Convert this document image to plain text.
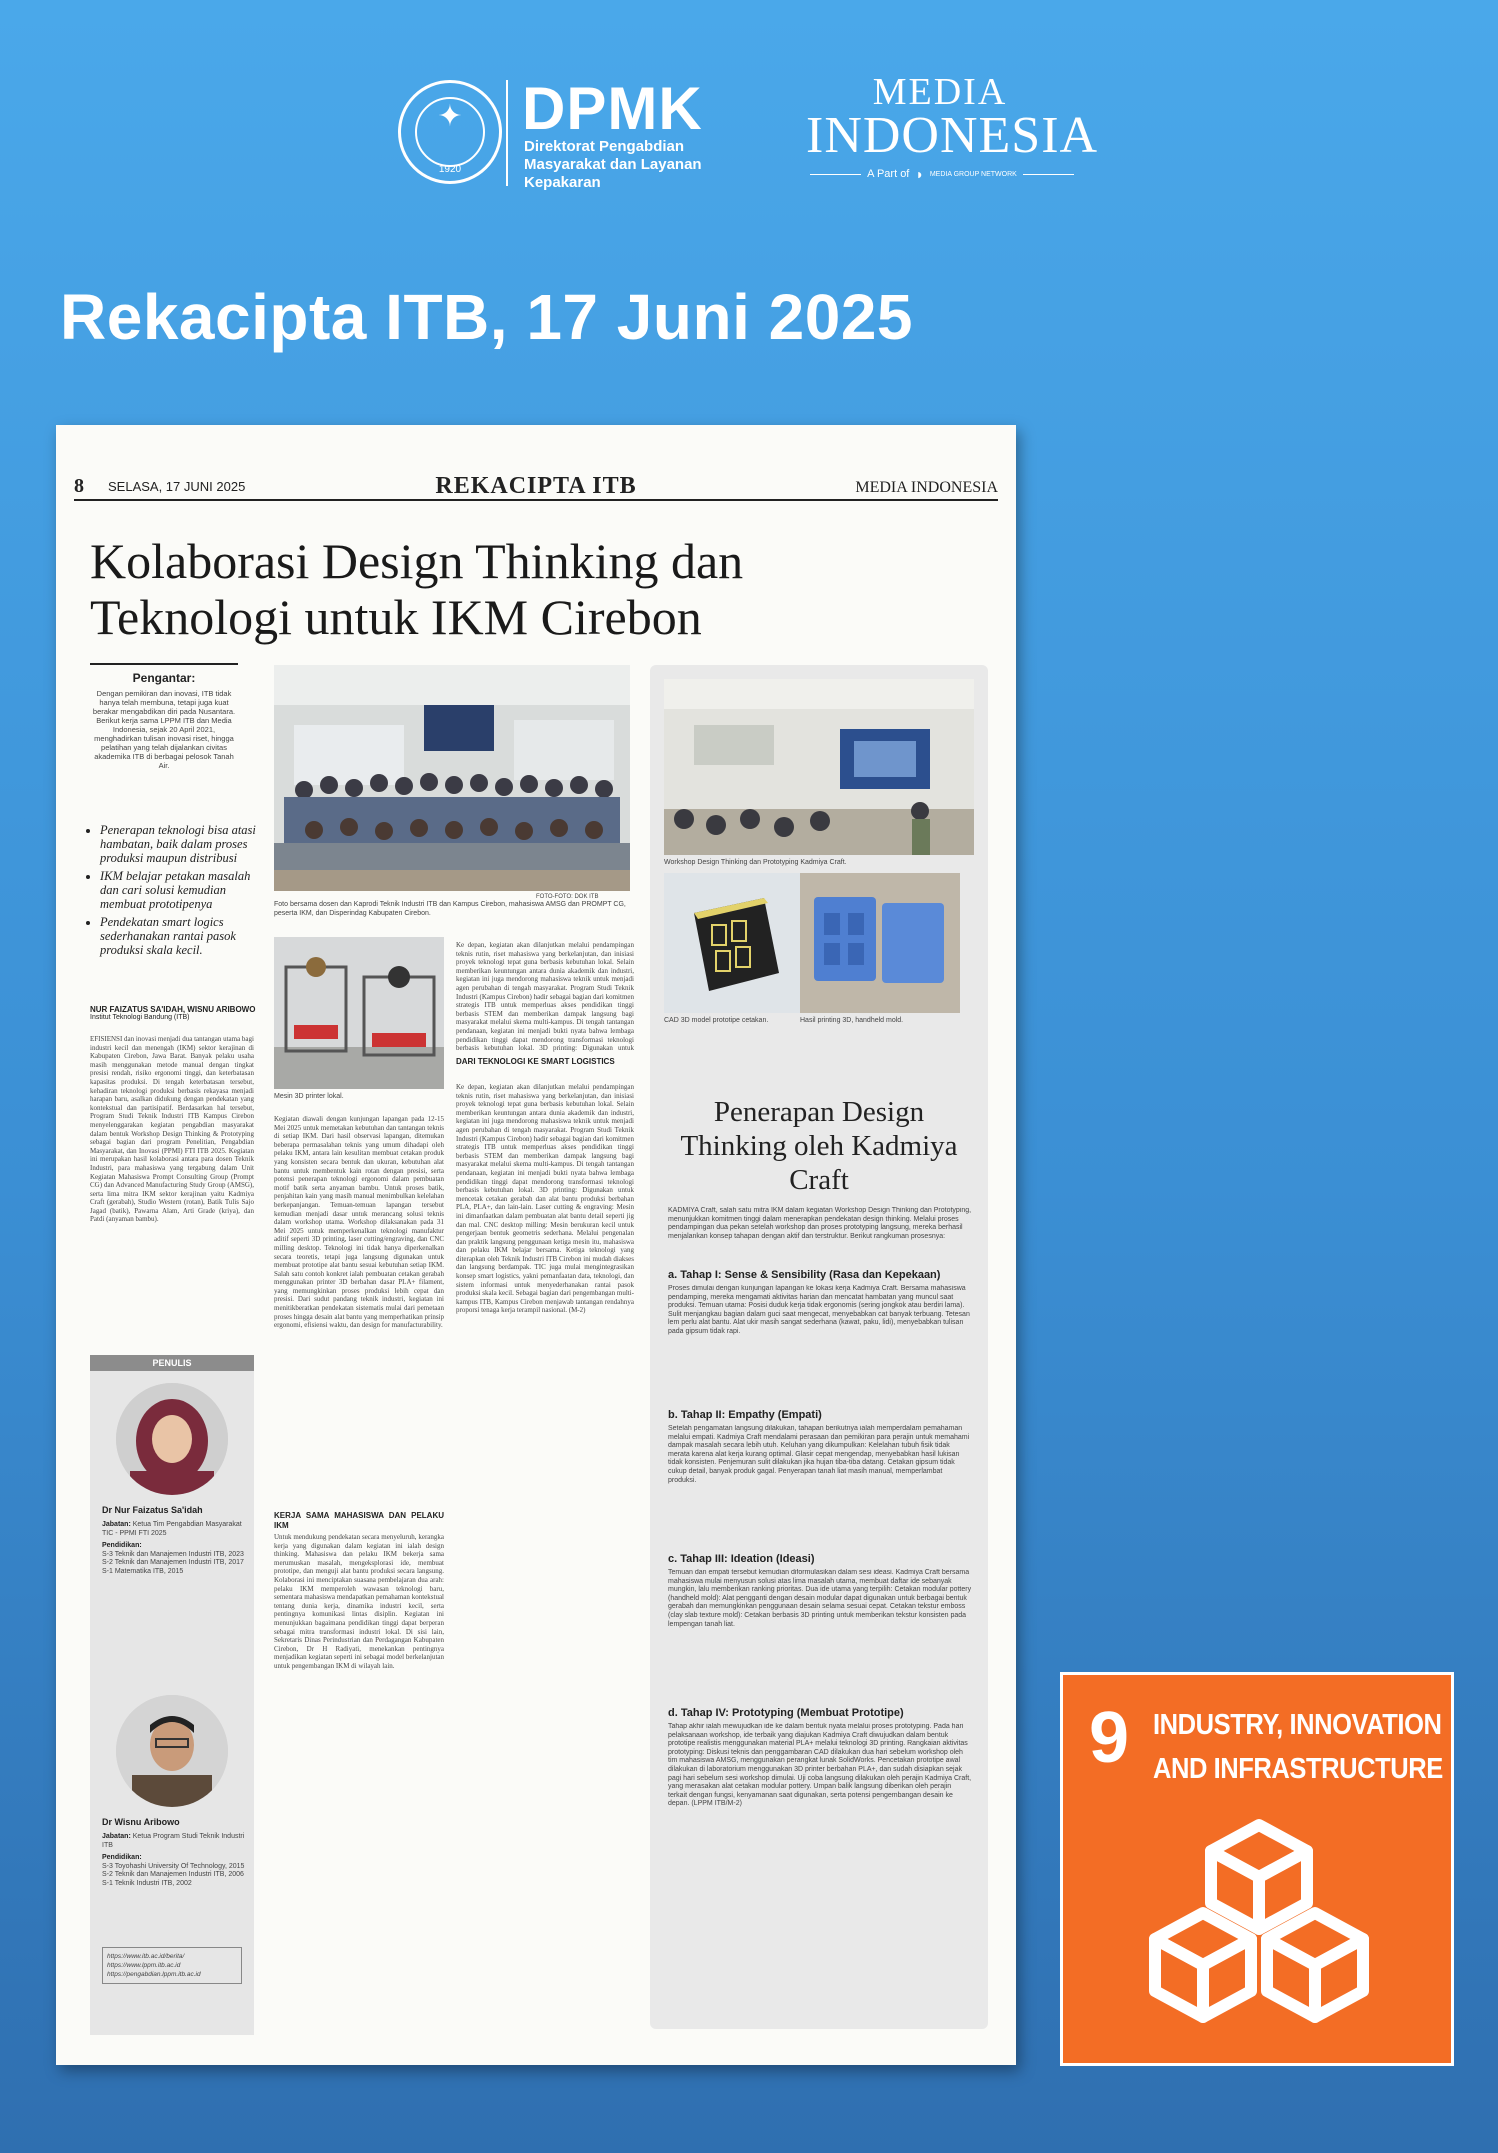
✦
1920
DPMK
Direktorat Pengabdian Masyarakat dan Layanan Kepakaran
MEDIA
INDONESIA
A Part of ◗ MEDIA GROUP NETWORK
Rekacipta ITB, 17 Juni 2025
8 SELASA, 17 JUNI 2025	REKACIPTA ITB	MEDIA INDONESIA
Kolaborasi Design Thinking dan Teknologi untuk IKM Cirebon
Pengantar:

Dengan pemikiran dan inovasi, ITB tidak hanya telah membuna, tetapi juga kuat berakar mengabdikan diri pada Nusantara. Berikut kerja sama LPPM ITB dan Media Indonesia, sejak 20 April 2021, menghadirkan tulisan inovasi riset, hingga pelatihan yang telah dijalankan civitas akademika ITB di berbagai pelosok Tanah Air.

• Penerapan teknologi bisa atasi hambatan, baik dalam proses produksi maupun distribusi
• IKM belajar petakan masalah dan cari solusi kemudian membuat prototipenya
• Pendekatan smart logics sederhanakan rantai pasok produksi skala kecil.
NUR FAIZATUS SA'IDAH, WISNU ARIBOWO
Institut Teknologi Bandung (ITB)
FOTO-FOTO: DOK ITB
Foto bersama dosen dan Kaprodi Teknik Industri ITB dan Kampus Cirebon, mahasiswa AMSG dan PROMPT CG, peserta IKM, dan Disperindag Kabupaten Cirebon.
Mesin 3D printer lokal.
EFISIENSI dan inovasi menjadi dua tantangan utama bagi industri kecil dan menengah (IKM) sektor kerajinan di Kabupaten Cirebon, Jawa Barat. Banyak pelaku usaha masih menggunakan metode manual dengan tingkat presisi rendah, risiko ergonomi tinggi, dan keterbatasan kapasitas produksi. Di tengah keterbatasan tersebut, kehadiran teknologi produksi berbasis rekayasa menjadi harapan baru, asalkan didukung dengan pendekatan yang kontekstual dan partisipatif. Berdasarkan hal tersebut, Program Studi Teknik Industri ITB Kampus Cirebon menyelenggarakan kegiatan pengabdian masyarakat dalam bentuk Workshop Design Thinking & Prototyping sebagai bagian dari program Penelitian, Pengabdian Masyarakat, dan Inovasi (PPMI) FTI ITB 2025. Kegiatan ini merupakan hasil kolaborasi antara para dosen Teknik Industri, para mahasiswa yang tergabung dalam Unit Kegiatan Mahasiswa Prompt Consulting Group (Prompt CG) dan Advanced Manufacturing Study Group (AMSG), serta lima mitra IKM sektor kerajinan yaitu Kadmiya Craft (gerabah), Studio Western (rotan), Batik Tulis Sajo Jagad (batik), Pawarna Alam, Arti Grade (kriya), dan Patdi (anyaman bambu).
Kegiatan diawali dengan kunjungan lapangan pada 12-15 Mei 2025 untuk memetakan kebutuhan dan tantangan teknis di setiap IKM. Dari hasil observasi lapangan, ditemukan beberapa permasalahan teknis yang umum dihadapi oleh pelaku IKM, antara lain kesulitan membuat cetakan produk yang konsisten secara bentuk dan ukuran, kebutuhan alat bantu untuk membentuk kain rotan dengan presisi, serta potensi penerapan teknologi ergonomi dalam pembuatan motif batik serta anyaman bambu. Untuk proses batik, penjahitan kain yang masih manual menimbulkan kelelahan berkepanjangan. Temuan-temuan lapangan tersebut kemudian menjadi dasar untuk merancang solusi teknis dalam workshop utama. Workshop dilaksanakan pada 31 Mei 2025 untuk memperkenalkan teknologi manufaktur aditif seperti 3D printing, laser cutting/engraving, dan CNC milling desktop. Teknologi ini tidak hanya diperkenalkan secara teoretis, tetapi juga langsung digunakan untuk membuat prototipe alat bantu sesuai kebutuhan setiap IKM. Salah satu contoh konkret ialah pembuatan cetakan gerabah menggunakan printer 3D berbahan dasar PLA+ filament, yang memungkinkan proses produksi lebih cepat dan presisi. Dari sudut pandang teknik industri, kegiatan ini menitikberatkan pendekatan sistematis mulai dari pemetaan proses hingga desain alat bantu yang memperhatikan prinsip ergonomi, efisiensi waktu, dan design for manufacturability.
KERJA SAMA MAHASISWA DAN PELAKU IKM
Untuk mendukung pendekatan secara menyeluruh, kerangka kerja yang digunakan dalam kegiatan ini ialah design thinking. Mahasiswa dan pelaku IKM bekerja sama merumuskan masalah, mengeksplorasi ide, membuat prototipe, dan menguji alat bantu produksi secara langsung. Kolaborasi ini menciptakan suasana pembelajaran dua arah: pelaku IKM memperoleh wawasan teknologi baru, sementara mahasiswa mendapatkan pemahaman kontekstual tentang dunia kerja, dinamika industri kecil, serta pentingnya komunikasi lintas disiplin. Kegiatan ini menunjukkan bagaimana pendidikan tinggi dapat berperan sebagai mitra transformasi industri lokal. Di sisi lain, Sekretaris Dinas Perindustrian dan Perdagangan Kabupaten Cirebon, Dr H Radiyati, menekankan pentingnya menjadikan kegiatan seperti ini sebagai model berkelanjutan untuk pengembangan IKM di wilayah lain.
DARI TEKNOLOGI KE SMART LOGISTICS
Ke depan, kegiatan akan dilanjutkan melalui pendampingan teknis rutin, riset mahasiswa yang berkelanjutan, dan inisiasi proyek teknologi tepat guna berbasis kebutuhan lokal. Selain memberikan keuntungan antara dunia akademik dan industri, kegiatan ini juga mendorong mahasiswa teknik untuk menjadi agen perubahan di tengah masyarakat. Program Studi Teknik Industri (Kampus Cirebon) hadir sebagai bagian dari komitmen strategis ITB untuk memperluas akses pendidikan tinggi berbasis STEM dan memberikan dampak langsung bagi masyarakat melalui skema multi-kampus. Di tengah tantangan pendanaan, kegiatan ini menjadi bukti nyata bahwa lembaga pendidikan tinggi dapat mendorong transformasi teknologi berbasis kebutuhan lokal. 3D printing: Digunakan untuk
Ke depan, kegiatan akan dilanjutkan melalui pendampingan teknis rutin, riset mahasiswa yang berkelanjutan, dan inisiasi proyek teknologi tepat guna berbasis kebutuhan lokal. Selain memberikan keuntungan antara dunia akademik dan industri, kegiatan ini juga mendorong mahasiswa teknik untuk menjadi agen perubahan di tengah masyarakat. Program Studi Teknik Industri (Kampus Cirebon) hadir sebagai bagian dari komitmen strategis ITB untuk memperluas akses pendidikan tinggi berbasis STEM dan memberikan dampak langsung bagi masyarakat melalui skema multi-kampus. Di tengah tantangan pendanaan, kegiatan ini menjadi bukti nyata bahwa lembaga pendidikan tinggi dapat mendorong transformasi teknologi berbasis kebutuhan lokal. 3D printing: Digunakan untuk mencetak cetakan gerabah dan alat bantu produksi berbahan PLA, PLA+, dan lain-lain. Laser cutting & engraving: Mesin ini dimanfaatkan dalam pembuatan alat bantu detail seperti jig dan mal. CNC desktop milling: Mesin berukuran kecil untuk pengerjaan bentuk geometris sederhana. Melalui pengenalan dan praktik langsung penggunaan ketiga mesin itu, mahasiswa dan pelaku IKM belajar bersama. Ketiga teknologi yang diterapkan oleh Teknik Industri ITB Cirebon ini mudah diakses dan langsung berdampak. TIC juga mulai mengintegrasikan konsep smart logistics, yakni pemanfaatan data, teknologi, dan sistem informasi untuk menyederhanakan rantai pasok produksi skala kecil. Sebagai bagian dari pengembangan multi-kampus ITB, Kampus Cirebon menjawab tantangan rendahnya proporsi tenaga kerja terampil nasional. (M-2)
PENULIS
Dr Nur Faizatus Sa'idah
Jabatan: Ketua Tim Pengabdian Masyarakat TIC - PPMI FTI 2025
Pendidikan:
S-3 Teknik dan Manajemen Industri ITB, 2023
S-2 Teknik dan Manajemen Industri ITB, 2017
S-1 Matematika ITB, 2015
Dr Wisnu Aribowo
Jabatan: Ketua Program Studi Teknik Industri ITB
Pendidikan:
S-3 Toyohashi University Of Technology, 2015
S-2 Teknik dan Manajemen Industri ITB, 2006
S-1 Teknik Industri ITB, 2002
https://www.itb.ac.id/berita/
https://www.lppm.itb.ac.id
https://pengabdian.lppm.itb.ac.id
Workshop Design Thinking dan Prototyping Kadmiya Craft.
CAD 3D model prototipe cetakan.	Hasil printing 3D, handheld mold.
Penerapan Design Thinking oleh Kadmiya Craft
KADMIYA Craft, salah satu mitra IKM dalam kegiatan Workshop Design Thinking dan Prototyping, menunjukkan komitmen tinggi dalam menerapkan pendekatan design thinking. Melalui proses pendampingan dua pekan setelah workshop dan proses prototyping langsung, mereka berhasil menjalankan konsep tahapan dengan aktif dan terstruktur. Berikut rangkuman prosesnya:
a. Tahap I: Sense & Sensibility (Rasa dan Kepekaan)
Proses dimulai dengan kunjungan lapangan ke lokasi kerja Kadmiya Craft. Bersama mahasiswa pendamping, mereka mengamati aktivitas harian dan mencatat hambatan yang muncul saat produksi. Temuan utama: Posisi duduk kerja tidak ergonomis (sering jongkok atau berdiri lama). Sulit menjangkau bagian dalam guci saat mengecat, menyebabkan cat banyak terbuang. Tetesan lem perlu alat bantu. Alat ukir masih sangat sederhana (kawat, paku, lidi), menyebabkan tulisan pada gipsum tidak rapi.
b. Tahap II: Empathy (Empati)
Setelah pengamatan langsung dilakukan, tahapan berikutnya ialah memperdalam pemahaman melalui empati. Kadmiya Craft mendalami perasaan dan pemikiran para perajin untuk memahami dampak masalah secara lebih utuh. Keluhan yang dikumpulkan: Kelelahan tubuh fisik tidak merata karena alat kerja kurang optimal. Glasir cepat mengendap, menyebabkan hasil lukisan tidak konsisten. Penjemuran sulit dilakukan jika hujan tiba-tiba datang. Cetakan gipsum tidak cukup detail, banyak produk gagal. Penyerapan tanah liat masih manual, memperlambat produksi.
c. Tahap III: Ideation (Ideasi)
Temuan dan empati tersebut kemudian diformulasikan dalam sesi ideasi. Kadmiya Craft bersama mahasiswa mulai menyusun solusi atas lima masalah utama, membuat daftar ide sebanyak mungkin, lalu memberikan ranking prioritas. Dua ide utama yang terpilih: Cetakan modular pottery (handheld mold): Alat pengganti dengan desain modular dapat digunakan untuk berbagai bentuk gerabah dan memungkinkan penggunaan desain selama sesuai cepat. Cetakan tekstur emboss (clay slab texture mold): Cetakan berbasis 3D printing untuk memberikan tekstur konsisten pada lempengan tanah liat.
d. Tahap IV: Prototyping (Membuat Prototipe)
Tahap akhir ialah mewujudkan ide ke dalam bentuk nyata melalui proses prototyping. Pada hari pelaksanaan workshop, ide terbaik yang diajukan Kadmiya Craft diwujudkan dalam bentuk prototipe realistis menggunakan material PLA+ melalui teknologi 3D printing. Rangkaian aktivitas prototyping: Diskusi teknis dan penggambaran CAD dilakukan dua hari sebelum workshop oleh tim mahasiswa AMSG, menggunakan perangkat lunak SolidWorks. Pencetakan prototipe awal dilakukan di laboratorium menggunakan 3D printer berbahan PLA+, dan sudah disiapkan sejak pagi hari sebelum sesi workshop dimulai. Uji coba langsung dilakukan oleh perajin Kadmiya Craft, yang merasakan alat cetakan modular pottery. Umpan balik langsung diberikan oleh perajin terkait dengan fungsi, kenyamanan saat digunakan, serta potensi pengembangan desain ke depan. (LPPM ITB/M-2)
9 INDUSTRY, INNOVATION
AND INFRASTRUCTURE
